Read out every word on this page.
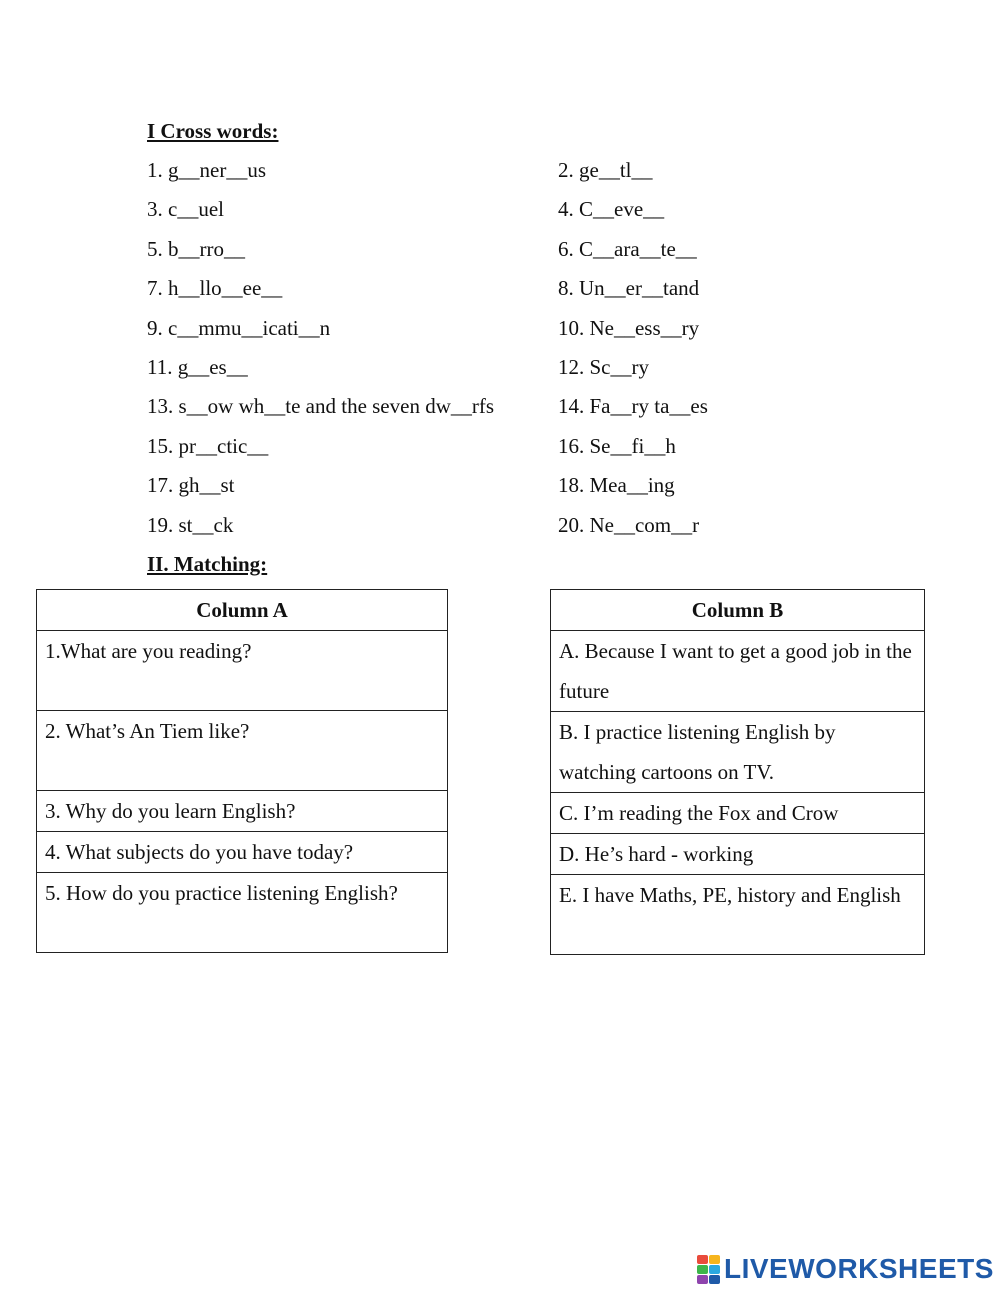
I Cross words:
1. g__ner__us	2. ge__tl__
3. c__uel	4. C__eve__
5. b__rro__	6. C__ara__te__
7. h__llo__ee__	8. Un__er__tand
9. c__mmu__icati__n	10. Ne__ess__ry
11. g__es__	12. Sc__ry
13. s__ow wh__te and the seven dw__rfs	14. Fa__ry ta__es
15. pr__ctic__	16. Se__fi__h
17. gh__st	18. Mea__ing
19. st__ck	20. Ne__com__r
II. Matching:
Column A
1.What are you reading?
2. What’s An Tiem like?
3. Why do you learn English?
4. What subjects do you have today?
5. How do you practice listening English?
Column B
A. Because I want to get a good job in the future
B. I practice listening English by watching cartoons on TV.
C. I’m reading the Fox and Crow
D. He’s hard - working
E. I have Maths, PE, history and English
LIVEWORKSHEETS
